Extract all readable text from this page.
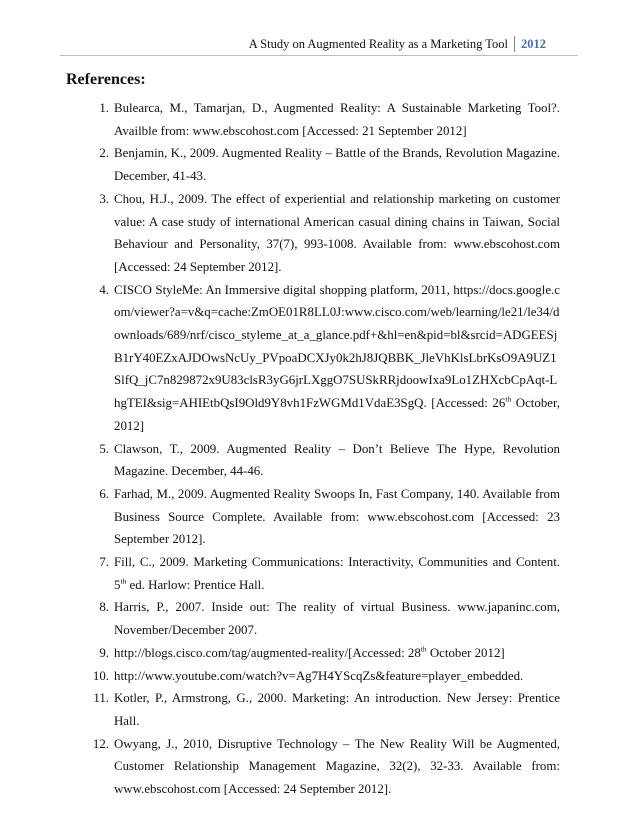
A Study on Augmented Reality as a Marketing Tool	2012
References:
1. Bulearca, M., Tamarjan, D., Augmented Reality: A Sustainable Marketing Tool?. Availble from: www.ebscohost.com [Accessed: 21 September 2012]
2. Benjamin, K., 2009. Augmented Reality – Battle of the Brands, Revolution Magazine. December, 41-43.
3. Chou, H.J., 2009. The effect of experiential and relationship marketing on customer value: A case study of international American casual dining chains in Taiwan, Social Behaviour and Personality, 37(7), 993-1008. Available from: www.ebscohost.com [Accessed: 24 September 2012].
4. CISCO StyleMe: An Immersive digital shopping platform, 2011, https://docs.google.com/viewer?a=v&q=cache:ZmOE01R8LL0J:www.cisco.com/web/learning/le21/le34/downloads/689/nrf/cisco_styleme_at_a_glance.pdf+&hl=en&pid=bl&srcid=ADGEESjB1rY40EZxAJDOwsNcUy_PVpoaDCXJy0k2hJ8JQBBK_JleVhKlsLbrKsO9A9UZ1SlfQ_jC7n829872x9U83clsR3yG6jrLXggO7SUSkRRjdoowIxa9Lo1ZHXcbCpAqt-LhgTEI&sig=AHIEtbQsI9Old9Y8vh1FzWGMd1VdaE3SgQ. [Accessed: 26th October, 2012]
5. Clawson, T., 2009. Augmented Reality – Don’t Believe The Hype, Revolution Magazine. December, 44-46.
6. Farhad, M., 2009. Augmented Reality Swoops In, Fast Company, 140. Available from Business Source Complete. Available from: www.ebscohost.com [Accessed: 23 September 2012].
7. Fill, C., 2009. Marketing Communications: Interactivity, Communities and Content. 5th ed. Harlow: Prentice Hall.
8. Harris, P., 2007. Inside out: The reality of virtual Business. www.japaninc.com, November/December 2007.
9. http://blogs.cisco.com/tag/augmented-reality/[Accessed: 28th October 2012]
10. http://www.youtube.com/watch?v=Ag7H4YScqZs&feature=player_embedded.
11. Kotler, P., Armstrong, G., 2000. Marketing: An introduction. New Jersey: Prentice Hall.
12. Owyang, J., 2010, Disruptive Technology – The New Reality Will be Augmented, Customer Relationship Management Magazine, 32(2), 32-33. Available from: www.ebscohost.com [Accessed: 24 September 2012].
